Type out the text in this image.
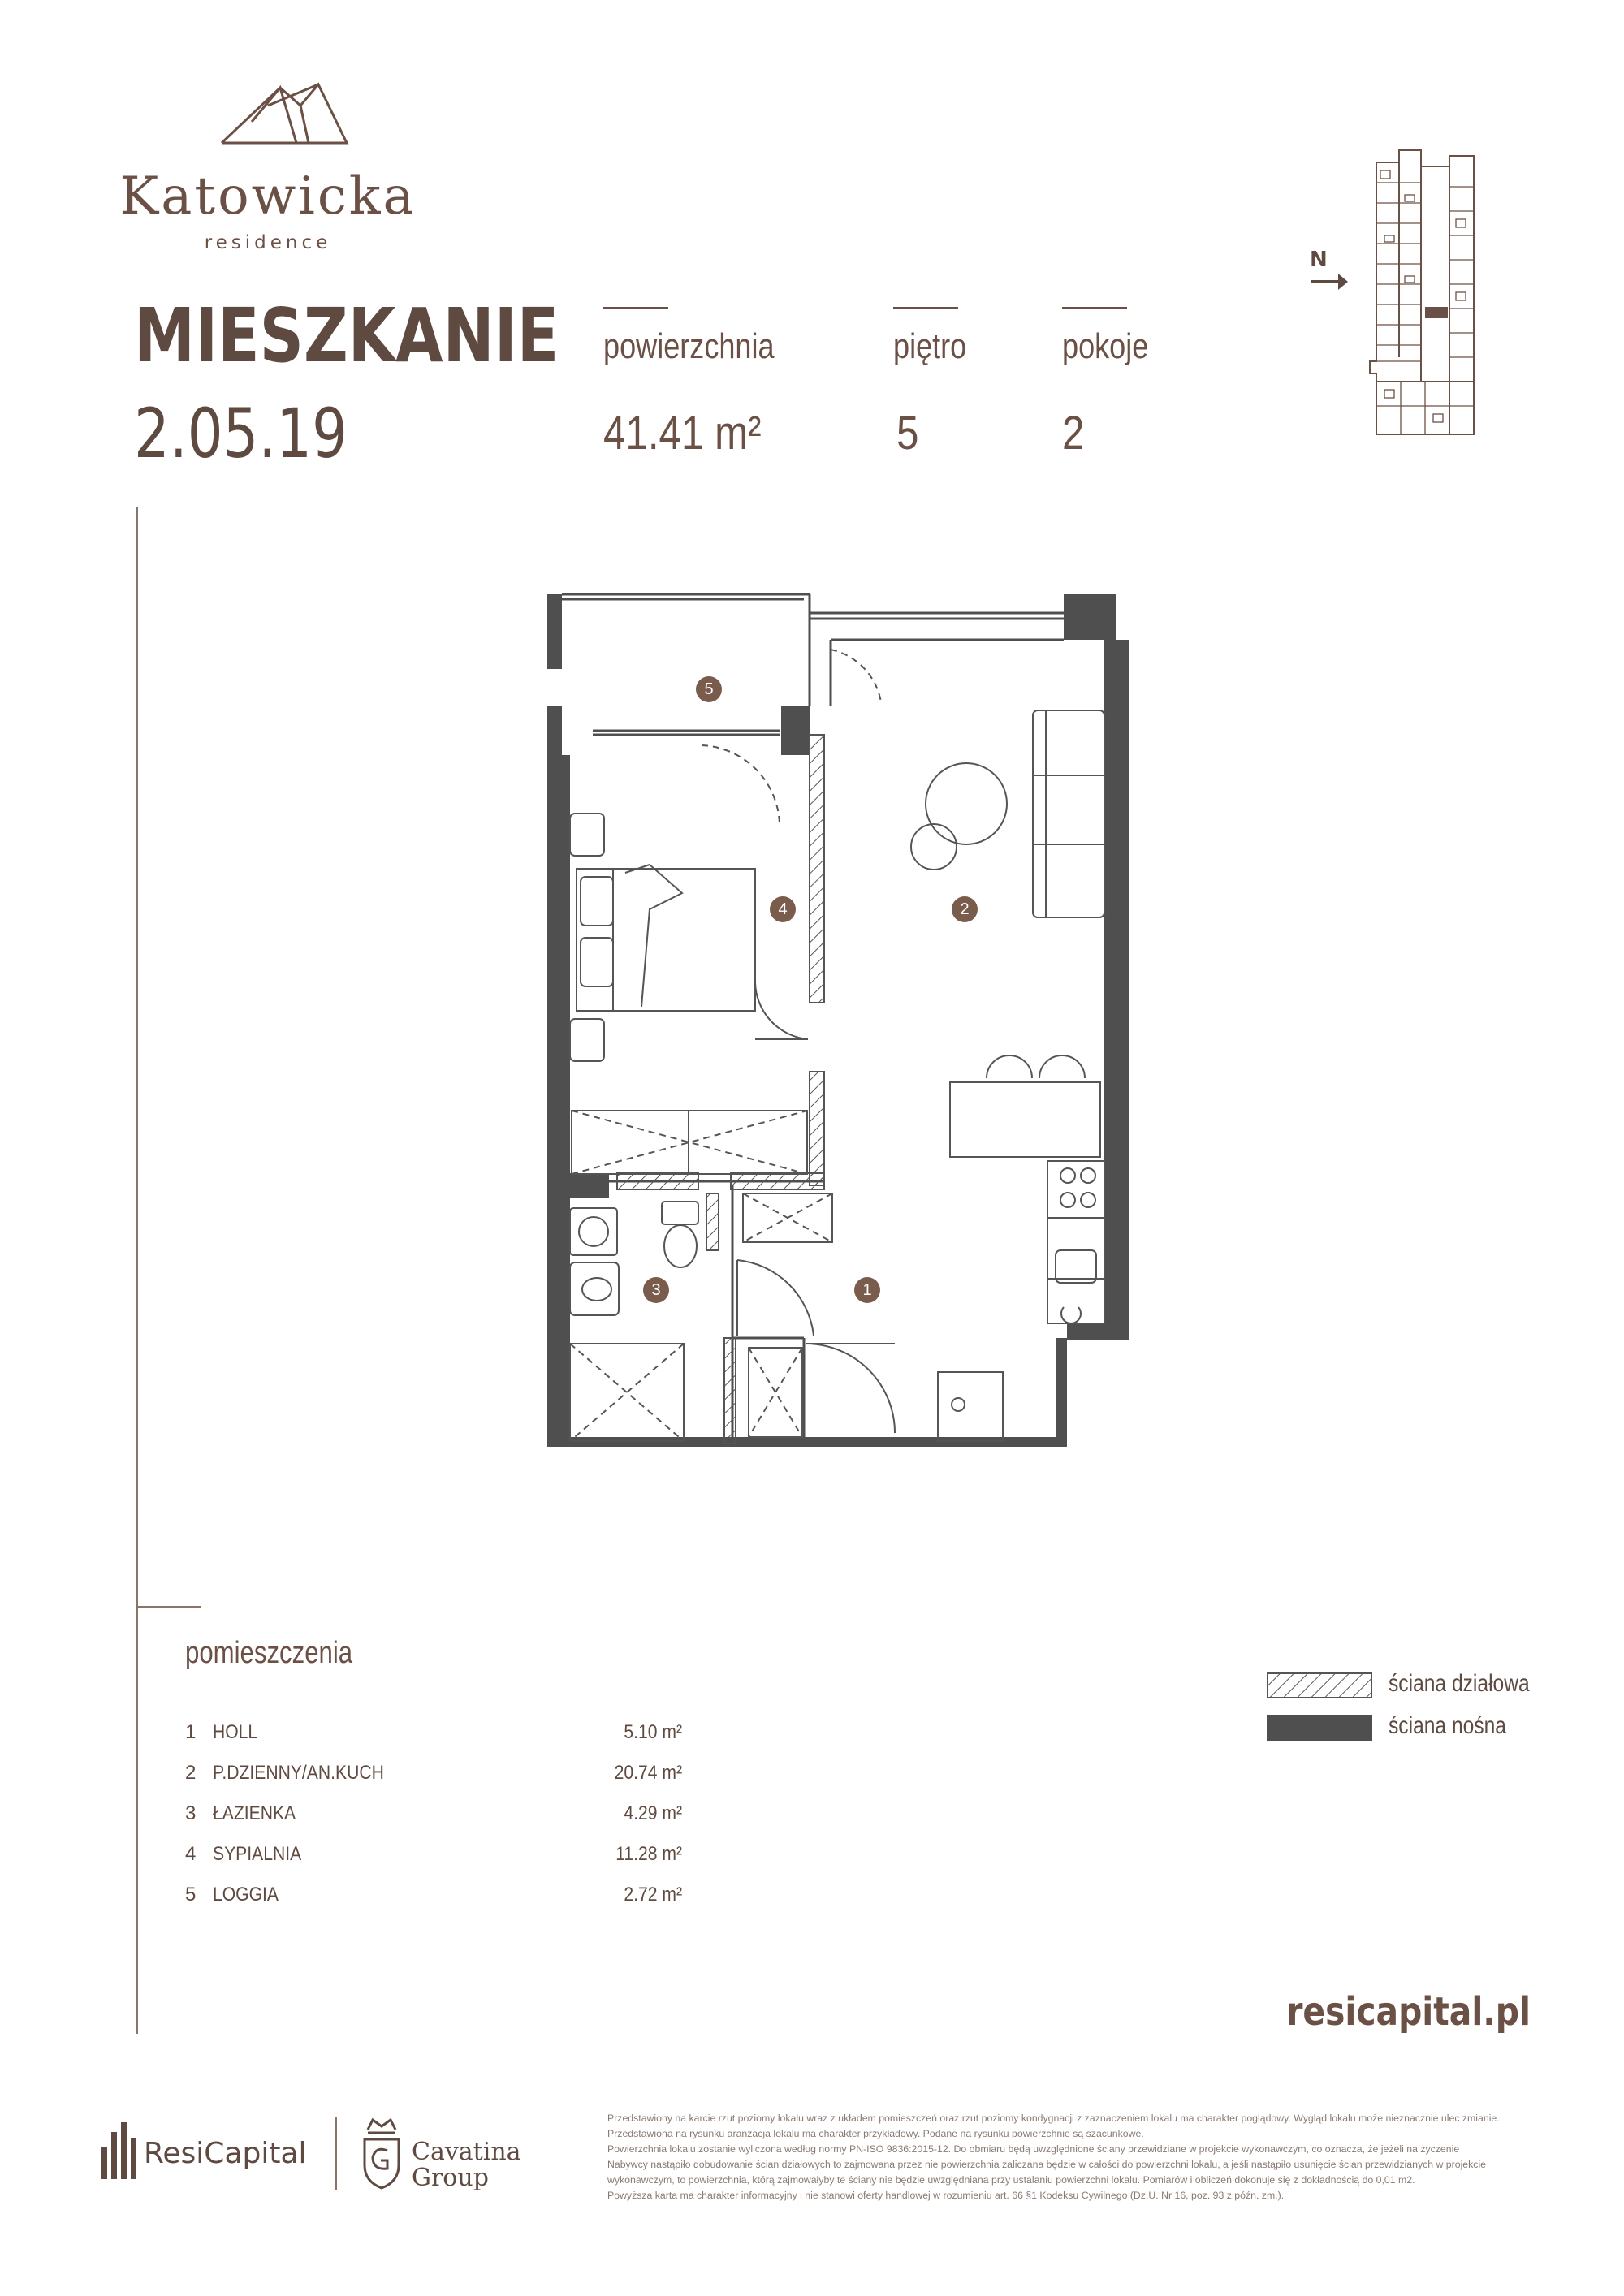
Katowicka
residence
MIESZKANIE
2.05.19
powierzchnia
41.41 m²
piętro
5
pokoje
2
N
5
4	2
3	1
pomieszczenia
1 HOLL	5.10 m²
2 P.DZIENNY/AN.KUCH	20.74 m²
3 ŁAZIENKA	4.29 m²
4 SYPIALNIA	11.28 m²
5 LOGGIA	2.72 m²
ściana działowa
ściana nośna
resicapital.pl
ResiCapital	Cavatina
Group

Przedstawiony na karcie rzut poziomy lokalu wraz z układem pomieszczeń oraz rzut poziomy kondygnacji z zaznaczeniem lokalu ma charakter poglądowy. Wygląd lokalu może nieznacznie ulec zmianie.

Przedstawiona na rysunku aranżacja lokalu ma charakter przykładowy. Podane na rysunku powierzchnie są szacunkowe.

Powierzchnia lokalu zostanie wyliczona według normy PN-ISO 9836:2015-12. Do obmiaru będą uwzględnione ściany przewidziane w projekcie wykonawczym, co oznacza, że jeżeli na życzenie

Nabywcy nastąpiło dobudowanie ścian działowych to zajmowana przez nie powierzchnia zaliczana będzie w całości do powierzchni lokalu, a jeśli nastąpiło usunięcie ścian przewidzianych w projekcie

wykonawczym, to powierzchnia, którą zajmowałyby te ściany nie będzie uwzględniana przy ustalaniu powierzchni lokalu. Pomiarów i obliczeń dokonuje się z dokładnością do 0,01 m2.

Powyższa karta ma charakter informacyjny i nie stanowi oferty handlowej w rozumieniu art. 66 §1 Kodeksu Cywilnego (Dz.U. Nr 16, poz. 93 z późn. zm.).
